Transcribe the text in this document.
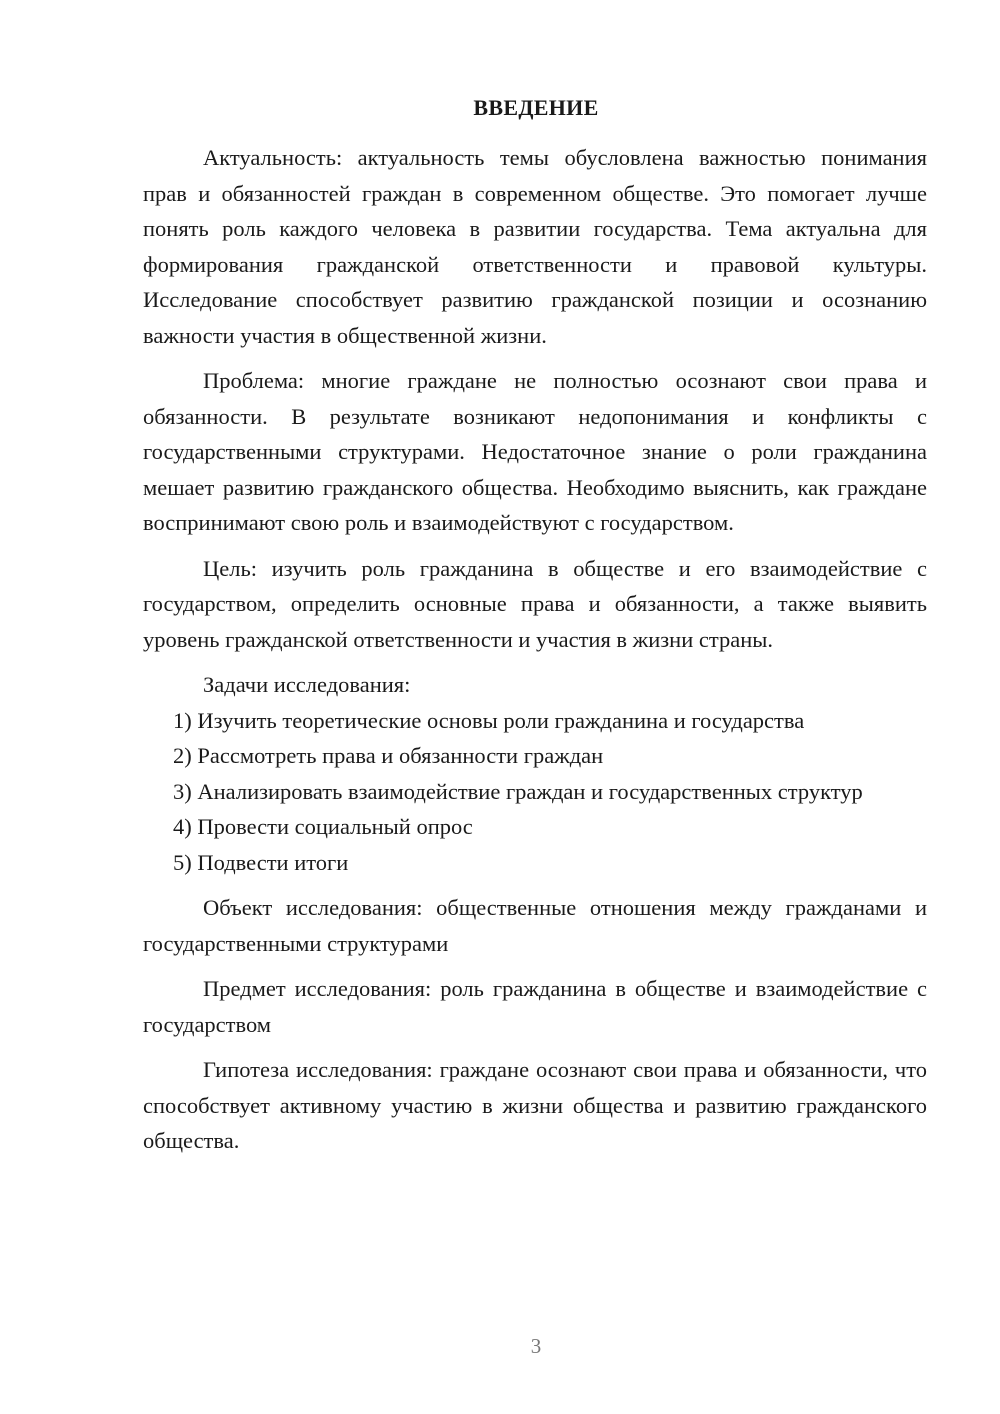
ВВЕДЕНИЕ

Актуальность: актуальность темы обусловлена важностью понимания прав и обязанностей граждан в современном обществе. Это помогает лучше понять роль каждого человека в развитии государства. Тема актуальна для формирования гражданской ответственности и правовой культуры. Исследование способствует развитию гражданской позиции и осознанию важности участия в общественной жизни.

Проблема: многие граждане не полностью осознают свои права и обязанности. В результате возникают недопонимания и конфликты с государственными структурами. Недостаточное знание о роли гражданина мешает развитию гражданского общества. Необходимо выяснить, как граждане воспринимают свою роль и взаимодействуют с государством.

Цель: изучить роль гражданина в обществе и его взаимодействие с государством, определить основные права и обязанности, а также выявить уровень гражданской ответственности и участия в жизни страны.

Задачи исследования:

1) Изучить теоретические основы роли гражданина и государства

2) Рассмотреть права и обязанности граждан

3) Анализировать взаимодействие граждан и государственных структур

4) Провести социальный опрос

5) Подвести итоги

Объект исследования: общественные отношения между гражданами и государственными структурами

Предмет исследования: роль гражданина в обществе и взаимодействие с государством

Гипотеза исследования: граждане осознают свои права и обязанности, что способствует активному участию в жизни общества и развитию гражданского общества.

3
